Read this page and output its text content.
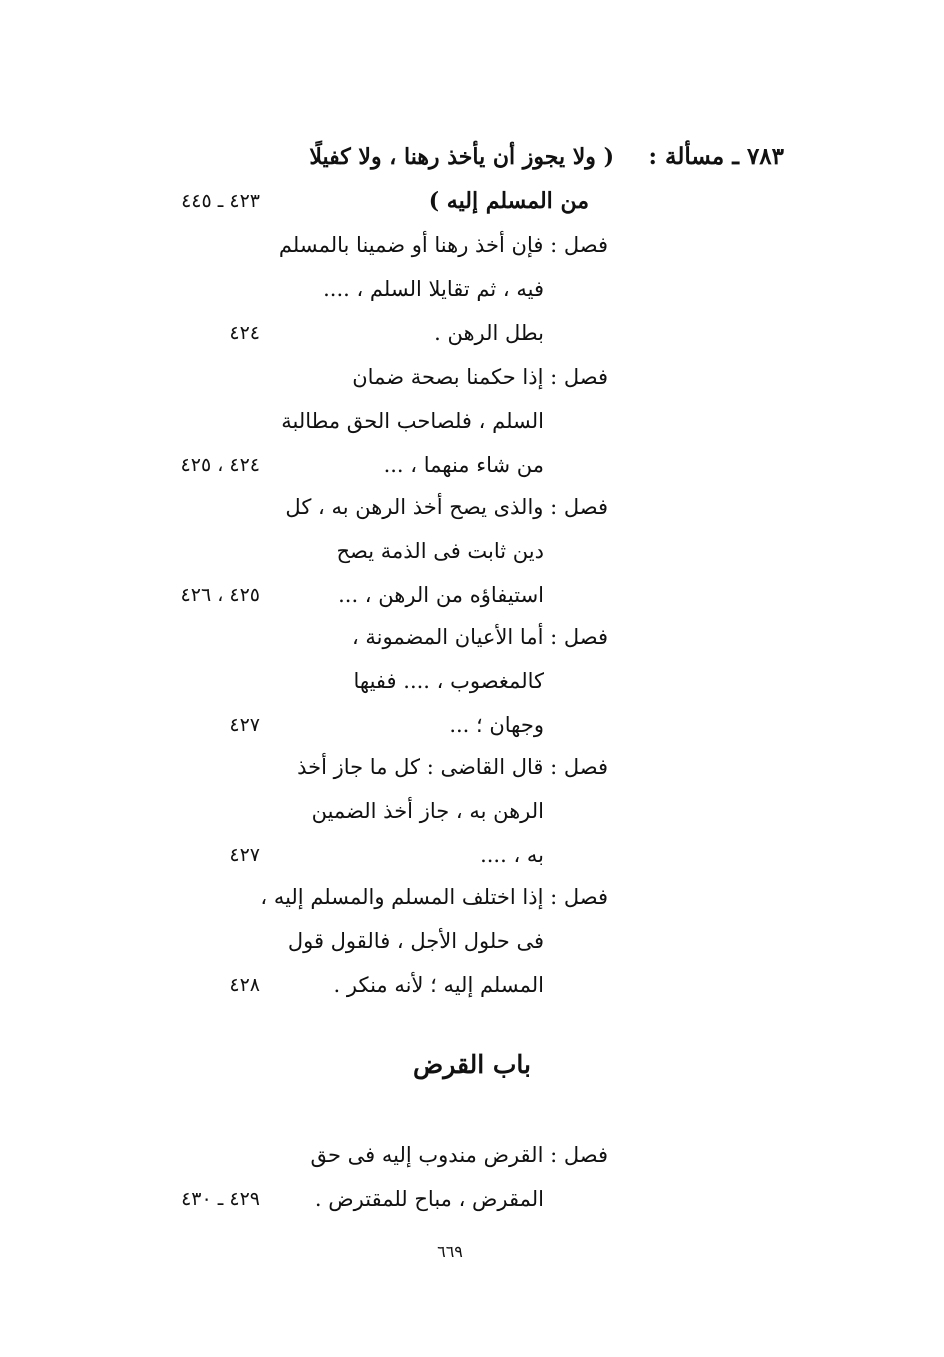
٧٨٣ ـ مسألة :
( ولا يجوز أن يأخذ رهنا ، ولا كفيلًا
من المسلم إليه )
٤٢٣ ـ ٤٤٥
فصل : فإن أخذ رهنا أو ضمينا بالمسلم
فيه ، ثم تقايلا السلم ، ....
بطل الرهن .
٤٢٤
فصل : إذا حكمنا بصحة ضمان
السلم ، فلصاحب الحق مطالبة
من شاء منهما ، ...
٤٢٤ ، ٤٢٥
فصل : والذى يصح أخذ الرهن به ، كل
دين ثابت فى الذمة يصح
استيفاؤه من الرهن ، ...
٤٢٥ ، ٤٢٦
فصل : أما الأعيان المضمونة ،
كالمغصوب ، .... ففيها
وجهان ؛ ...
٤٢٧
فصل : قال القاضى : كل ما جاز أخذ
الرهن به ، جاز أخذ الضمين
به ، ....
٤٢٧
فصل : إذا اختلف المسلم والمسلم إليه ،
فى حلول الأجل ، فالقول قول
المسلم إليه ؛ لأنه منكر .
٤٢٨
باب القرض
فصل : القرض مندوب إليه فى حق
المقرض ، مباح للمقترض .
٤٢٩ ـ ٤٣٠
٦٦٩
